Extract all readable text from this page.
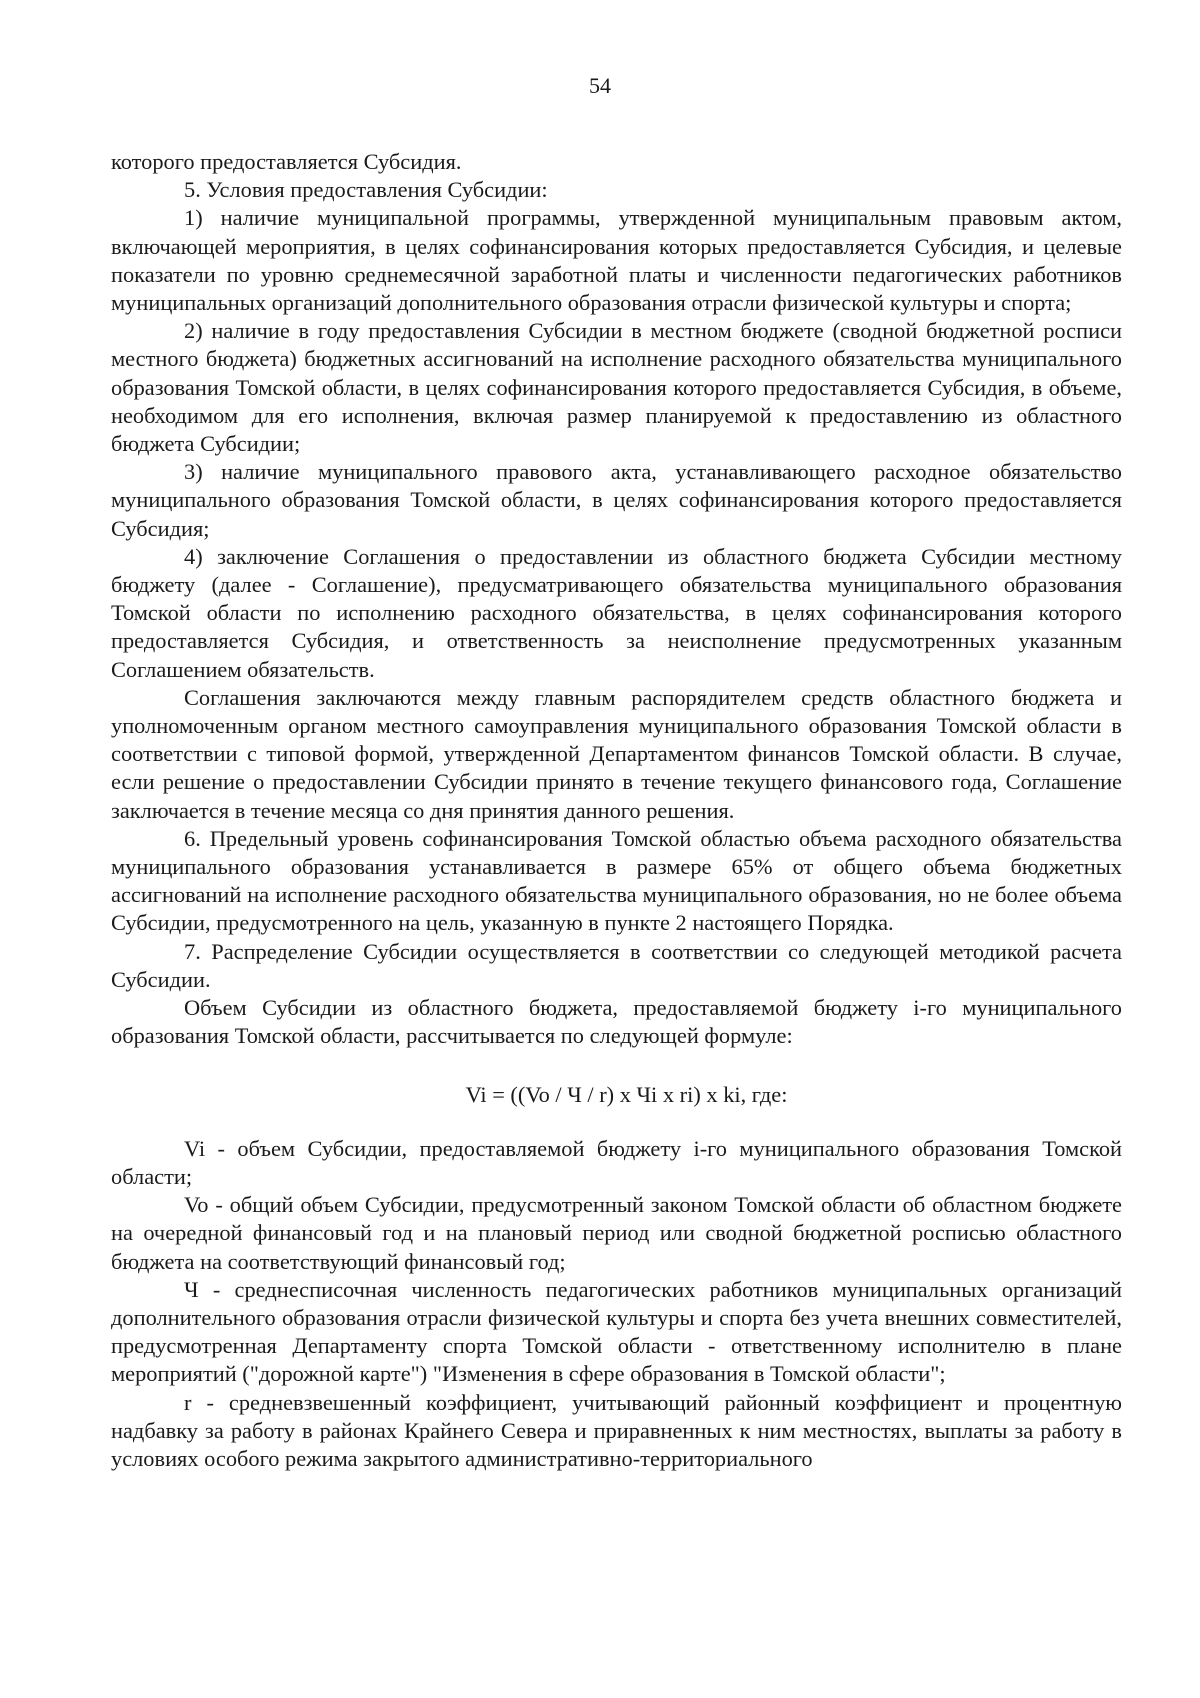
54

которого предоставляется Субсидия.

5. Условия предоставления Субсидии:

1) наличие муниципальной программы, утвержденной муниципальным правовым актом, включающей мероприятия, в целях софинансирования которых предоставляется Субсидия, и целевые показатели по уровню среднемесячной заработной платы и численности педагогических работников муниципальных организаций дополнительного образования отрасли физической культуры и спорта;

2) наличие в году предоставления Субсидии в местном бюджете (сводной бюджетной росписи местного бюджета) бюджетных ассигнований на исполнение расходного обязательства муниципального образования Томской области, в целях софинансирования которого предоставляется Субсидия, в объеме, необходимом для его исполнения, включая размер планируемой к предоставлению из областного бюджета Субсидии;

3) наличие муниципального правового акта, устанавливающего расходное обязательство муниципального образования Томской области, в целях софинансирования которого предоставляется Субсидия;

4) заключение Соглашения о предоставлении из областного бюджета Субсидии местному бюджету (далее - Соглашение), предусматривающего обязательства муниципального образования Томской области по исполнению расходного обязательства, в целях софинансирования которого предоставляется Субсидия, и ответственность за неисполнение предусмотренных указанным Соглашением обязательств.

Соглашения заключаются между главным распорядителем средств областного бюджета и уполномоченным органом местного самоуправления муниципального образования Томской области в соответствии с типовой формой, утвержденной Департаментом финансов Томской области. В случае, если решение о предоставлении Субсидии принято в течение текущего финансового года, Соглашение заключается в течение месяца со дня принятия данного решения.

6. Предельный уровень софинансирования Томской областью объема расходного обязательства муниципального образования устанавливается в размере 65% от общего объема бюджетных ассигнований на исполнение расходного обязательства муниципального образования, но не более объема Субсидии, предусмотренного на цель, указанную в пункте 2 настоящего Порядка.

7. Распределение Субсидии осуществляется в соответствии со следующей методикой расчета Субсидии.

Объем Субсидии из областного бюджета, предоставляемой бюджету i-го муниципального образования Томской области, рассчитывается по следующей формуле:

Vi = ((Vo / Ч / r) x Чi x ri) x ki, где:

Vi - объем Субсидии, предоставляемой бюджету i-го муниципального образования Томской области;

Vo - общий объем Субсидии, предусмотренный законом Томской области об областном бюджете на очередной финансовый год и на плановый период или сводной бюджетной росписью областного бюджета на соответствующий финансовый год;

Ч - среднесписочная численность педагогических работников муниципальных организаций дополнительного образования отрасли физической культуры и спорта без учета внешних совместителей, предусмотренная Департаменту спорта Томской области - ответственному исполнителю в плане мероприятий ("дорожной карте") "Изменения в сфере образования в Томской области";

r - средневзвешенный коэффициент, учитывающий районный коэффициент и процентную надбавку за работу в районах Крайнего Севера и приравненных к ним местностях, выплаты за работу в условиях особого режима закрытого административно-территориального
